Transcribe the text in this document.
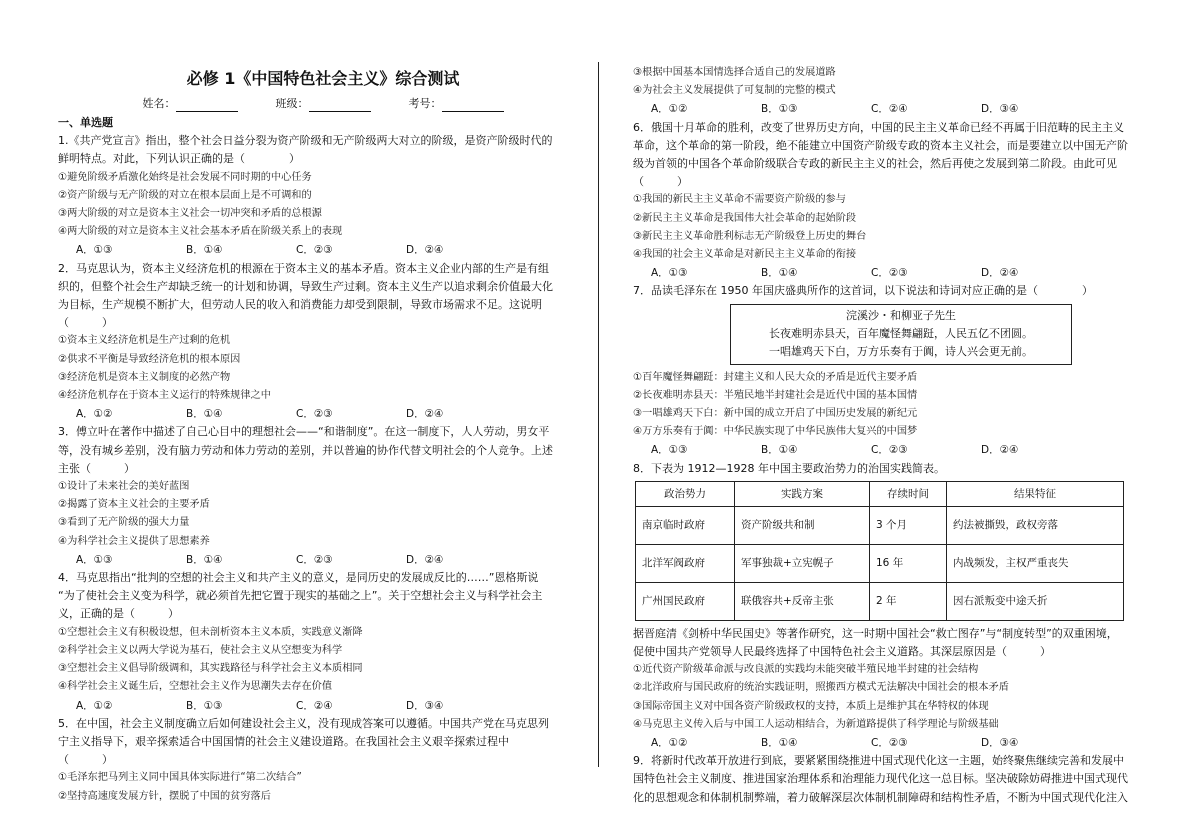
必修 1《中国特色社会主义》综合测试
姓名：	班级：	考号：
一、单选题
1.《共产党宣言》指出，整个社会日益分裂为资产阶级和无产阶级两大对立的阶级，是资产阶级时代的
鲜明特点。对此，下列认识正确的是（　　　　）
①避免阶级矛盾激化始终是社会发展不同时期的中心任务
②资产阶级与无产阶级的对立在根本层面上是不可调和的
③两大阶级的对立是资本主义社会一切冲突和矛盾的总根源
④两大阶级的对立是资本主义社会基本矛盾在阶级关系上的表现
A．①③	B．①④	C．②③	D．②④
2．马克思认为，资本主义经济危机的根源在于资本主义的基本矛盾。资本主义企业内部的生产是有组
织的，但整个社会生产却缺乏统一的计划和协调，导致生产过剩。资本主义生产以追求剩余价值最大化
为目标，生产规模不断扩大，但劳动人民的收入和消费能力却受到限制，导致市场需求不足。这说明
（　　　）
①资本主义经济危机是生产过剩的危机
②供求不平衡是导致经济危机的根本原因
③经济危机是资本主义制度的必然产物
④经济危机存在于资本主义运行的特殊规律之中
A．①②	B．①④	C．②③	D．②④
3．傅立叶在著作中描述了自己心目中的理想社会——“和谐制度”。在这一制度下，人人劳动，男女平
等，没有城乡差别，没有脑力劳动和体力劳动的差别，并以普遍的协作代替文明社会的个人竞争。上述
主张（　　　）
①设计了未来社会的美好蓝图
②揭露了资本主义社会的主要矛盾
③看到了无产阶级的强大力量
④为科学社会主义提供了思想素养
A．①③	B．①④	C．②③	D．②④
4．马克思指出“批判的空想的社会主义和共产主义的意义，是同历史的发展成反比的……”恩格斯说
“为了使社会主义变为科学，就必须首先把它置于现实的基础之上”。关于空想社会主义与科学社会主
义，正确的是（　　　）
①空想社会主义有积极设想，但未剖析资本主义本质，实践意义渐降
②科学社会主义以两大学说为基石，使社会主义从空想变为科学
③空想社会主义倡导阶级调和，其实践路径与科学社会主义本质相同
④科学社会主义诞生后，空想社会主义作为思潮失去存在价值
A．①②	B．①③	C．②④	D．③④
5．在中国，社会主义制度确立后如何建设社会主义，没有现成答案可以遵循。中国共产党在马克思列
宁主义指导下，艰辛探索适合中国国情的社会主义建设道路。在我国社会主义艰辛探索过程中
（　　　）
①毛泽东把马列主义同中国具体实际进行“第二次结合”
②坚持高速度发展方针，摆脱了中国的贫穷落后
③根据中国基本国情选择合适自己的发展道路
④为社会主义发展提供了可复制的完整的模式
A．①②	B．①③	C．②④	D．③④
6．俄国十月革命的胜利，改变了世界历史方向，中国的民主主义革命已经不再属于旧范畴的民主主义
革命，这个革命的第一阶段，绝不能建立中国资产阶级专政的资本主义社会，而是要建立以中国无产阶
级为首领的中国各个革命阶级联合专政的新民主主义的社会，然后再使之发展到第二阶段。由此可见
（　　　）
①我国的新民主主义革命不需要资产阶级的参与
②新民主主义革命是我国伟大社会革命的起始阶段
③新民主主义革命胜利标志无产阶级登上历史的舞台
④我国的社会主义革命是对新民主主义革命的衔接
A．①③	B．①④	C．②③	D．②④
7．品读毛泽东在 1950 年国庆盛典所作的这首词，以下说法和诗词对应正确的是（　　　　）
浣溪沙・和柳亚子先生
长夜难明赤县天，百年魔怪舞翩跹，人民五亿不团圆。
一唱雄鸡天下白，万方乐奏有于阗，诗人兴会更无前。
①百年魔怪舞翩跹：封建主义和人民大众的矛盾是近代主要矛盾
②长夜难明赤县天：半殖民地半封建社会是近代中国的基本国情
③一唱雄鸡天下白：新中国的成立开启了中国历史发展的新纪元
④万方乐奏有于阗：中华民族实现了中华民族伟大复兴的中国梦
A．①③	B．①④	C．②③	D．②④
8．下表为 1912—1928 年中国主要政治势力的治国实践简表。
政治势力	实践方案	存续时间	结果特征
南京临时政府	资产阶级共和制	3 个月	约法被撕毁，政权旁落
北洋军阀政府	军事独裁+立宪幌子	16 年	内战频发，主权严重丧失
广州国民政府	联俄容共+反帝主张	2 年	因右派叛变中途夭折
据晋庭清《剑桥中华民国史》等著作研究，这一时期中国社会“救亡图存”与“制度转型”的双重困境，
促使中国共产党领导人民最终选择了中国特色社会主义道路。其深层原因是（　　　）
①近代资产阶级革命派与改良派的实践均未能突破半殖民地半封建的社会结构
②北洋政府与国民政府的统治实践证明，照搬西方模式无法解决中国社会的根本矛盾
③国际帝国主义对中国各资产阶级政权的支持，本质上是维护其在华特权的体现
④马克思主义传入后与中国工人运动相结合，为新道路提供了科学理论与阶级基础
A．①②	B．①④	C．②③	D．③④
9．将新时代改革开放进行到底，要紧紧围绕推进中国式现代化这一主题，始终聚焦继续完善和发展中
国特色社会主义制度、推进国家治理体系和治理能力现代化这一总目标。坚决破除妨碍推进中国式现代
化的思想观念和体制机制弊端，着力破解深层次体制机制障碍和结构性矛盾，不断为中国式现代化注入
